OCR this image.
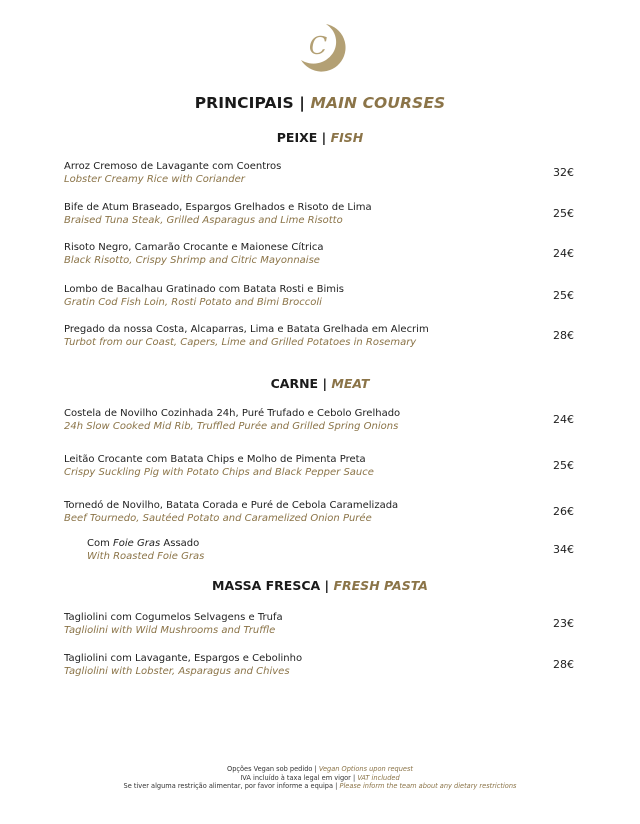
C
PRINCIPAIS | MAIN COURSES
PEIXE | FISH
Arroz Cremoso de Lavagante com Coentros
Lobster Creamy Rice with Coriander
32€
Bife de Atum Braseado, Espargos Grelhados e Risoto de Lima
Braised Tuna Steak, Grilled Asparagus and Lime Risotto
25€
Risoto Negro, Camarão Crocante e Maionese Cítrica
Black Risotto, Crispy Shrimp and Citric Mayonnaise
24€
Lombo de Bacalhau Gratinado com Batata Rosti e Bimis
Gratin Cod Fish Loin, Rosti Potato and Bimi Broccoli
25€
Pregado da nossa Costa, Alcaparras, Lima e Batata Grelhada em Alecrim
Turbot from our Coast, Capers, Lime and Grilled Potatoes in Rosemary
28€
CARNE | MEAT
Costela de Novilho Cozinhada 24h, Puré Trufado e Cebolo Grelhado
24h Slow Cooked Mid Rib, Truffled Purée and Grilled Spring Onions
24€
Leitão Crocante com Batata Chips e Molho de Pimenta Preta
Crispy Suckling Pig with Potato Chips and Black Pepper Sauce
25€
Tornedó de Novilho, Batata Corada e Puré de Cebola Caramelizada
Beef Tournedo, Sautéed Potato and Caramelized Onion Purée
26€
Com Foie Gras Assado
With Roasted Foie Gras
34€
MASSA FRESCA | FRESH PASTA
Tagliolini com Cogumelos Selvagens e Trufa
Tagliolini with Wild Mushrooms and Truffle
23€
Tagliolini com Lavagante, Espargos e Cebolinho
Tagliolini with Lobster, Asparagus and Chives
28€
Opções Vegan sob pedido | Vegan Options upon request
IVA incluído à taxa legal em vigor | VAT included
Se tiver alguma restrição alimentar, por favor informe a equipa | Please inform the team about any dietary restrictions
